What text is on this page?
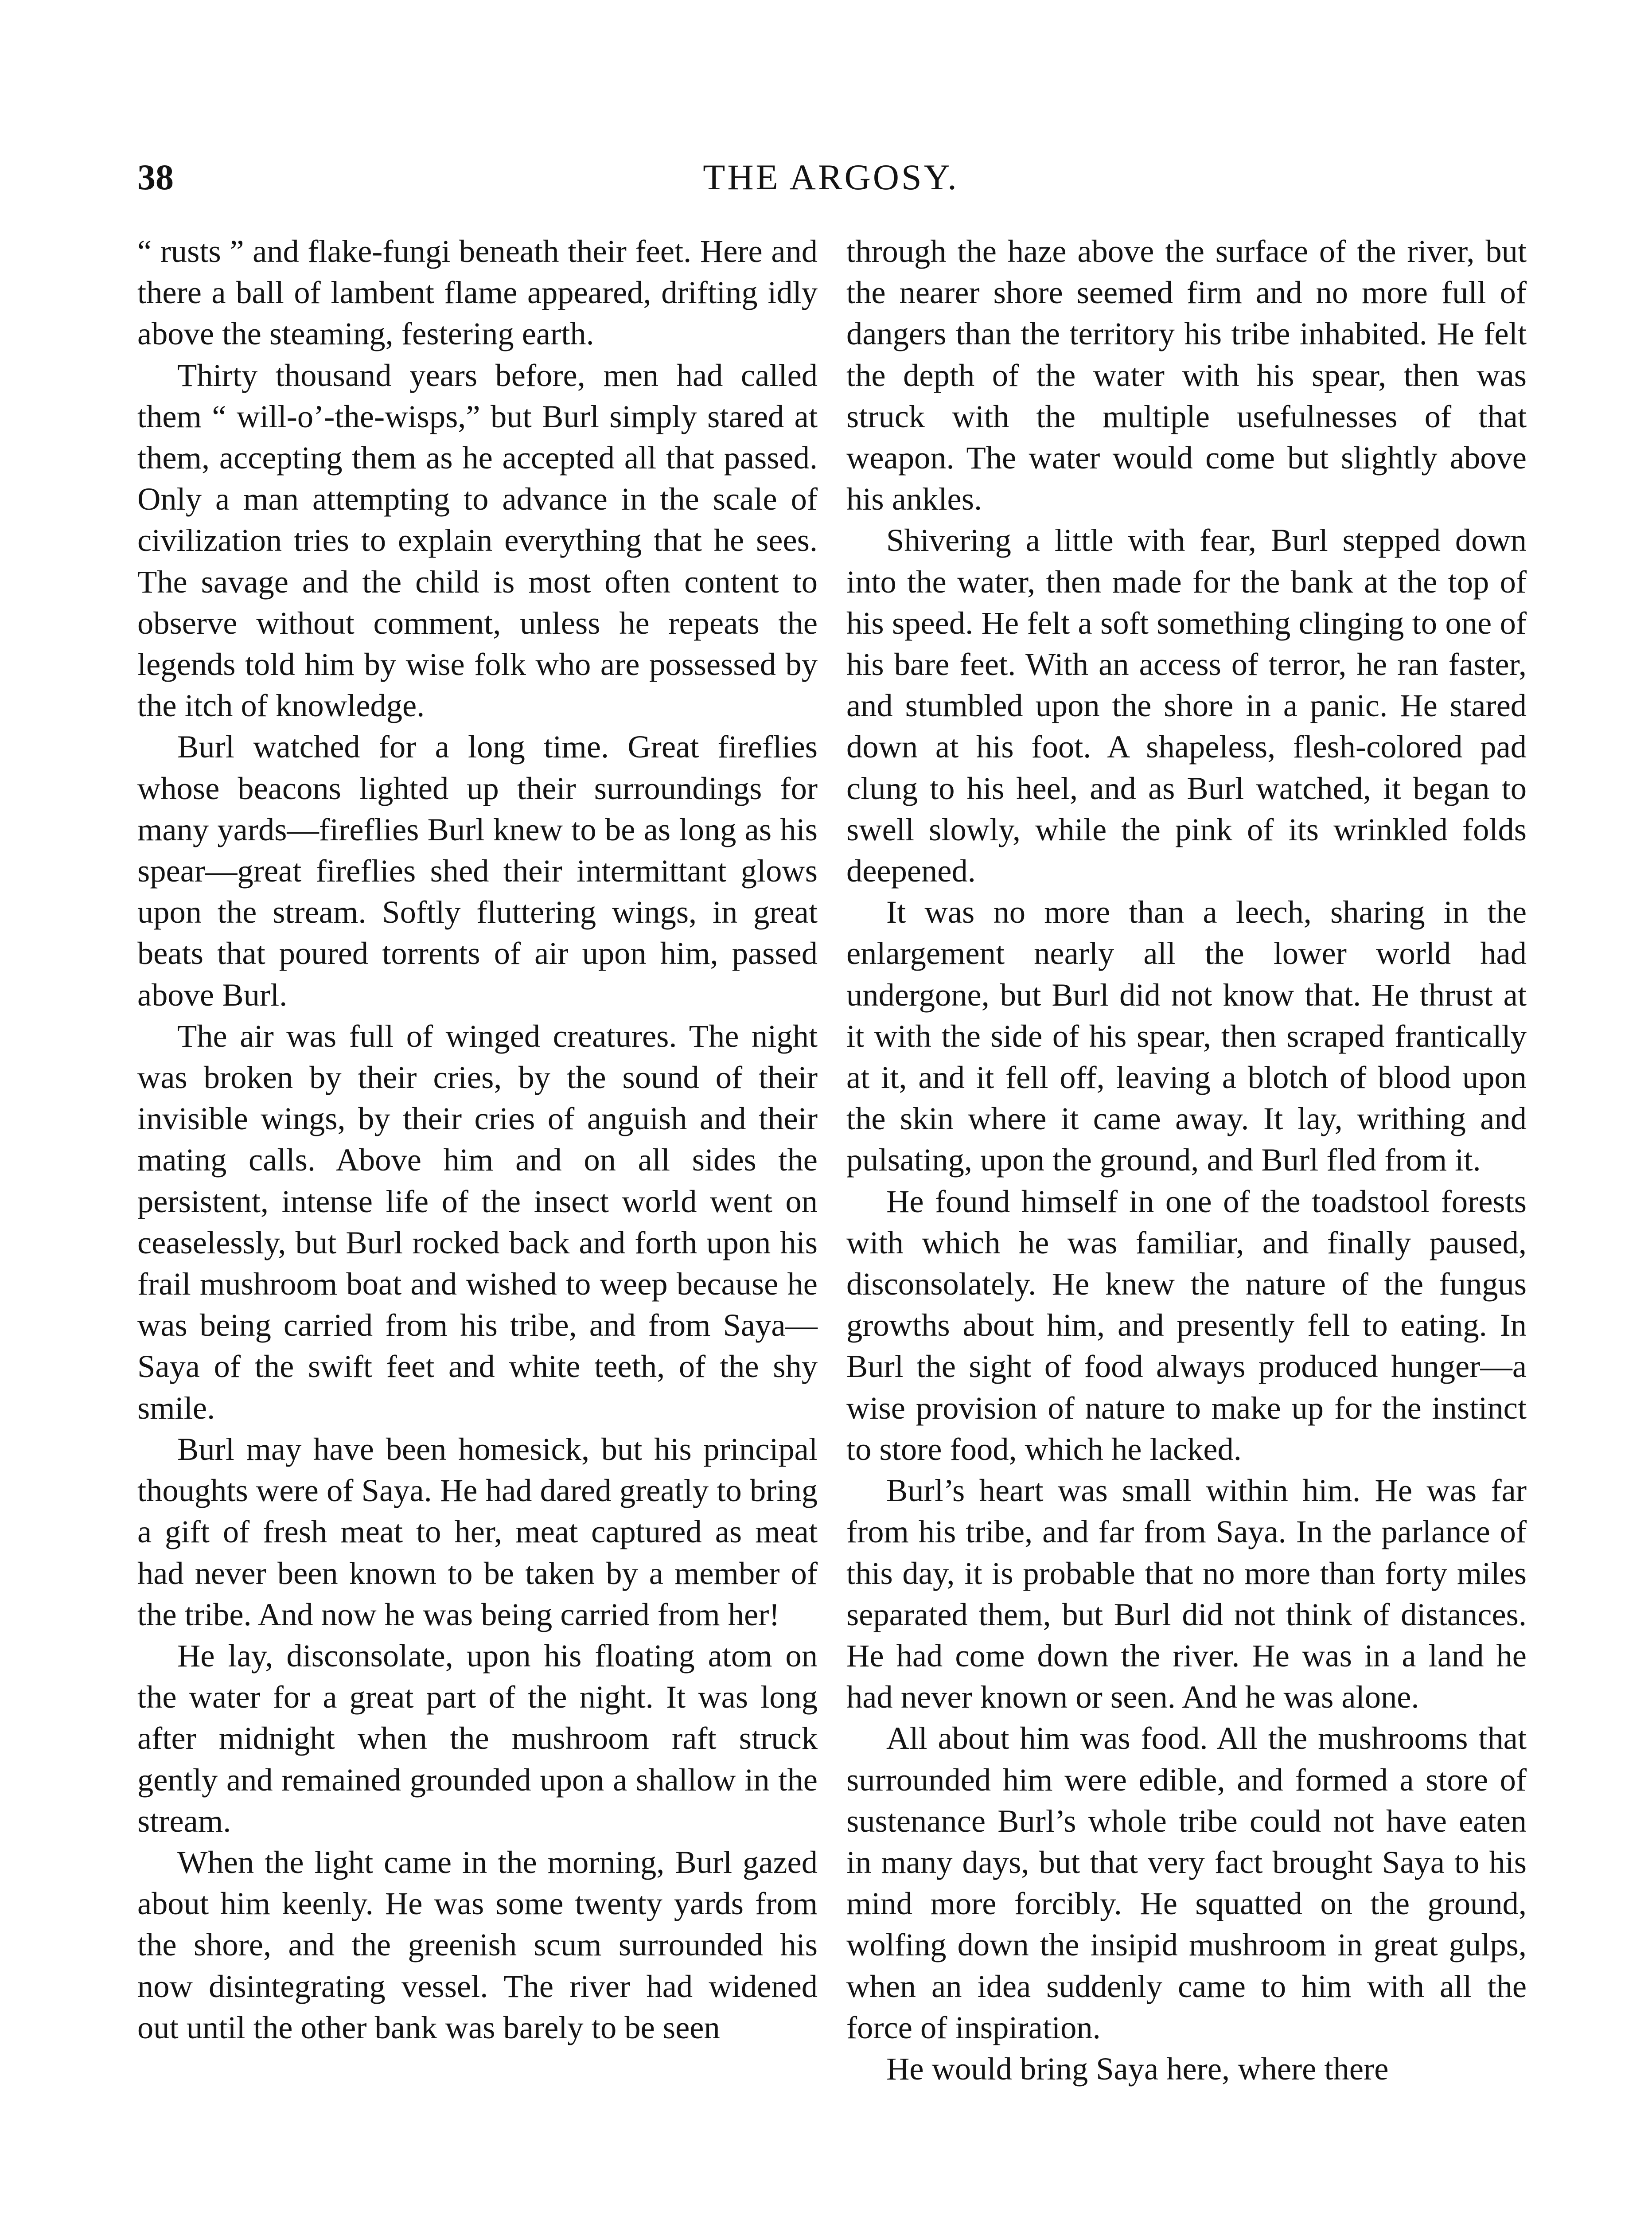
38	THE ARGOSY.

“ rusts ” and flake-fungi beneath their feet. Here and there a ball of lambent flame appeared, drifting idly above the steaming, festering earth.

Thirty thousand years before, men had called them “ will-o’-the-wisps,” but Burl simply stared at them, accepting them as he accepted all that passed. Only a man attempting to advance in the scale of civilization tries to explain everything that he sees. The savage and the child is most often content to observe without comment, unless he repeats the legends told him by wise folk who are possessed by the itch of knowledge.

Burl watched for a long time. Great fireflies whose beacons lighted up their surroundings for many yards—fireflies Burl knew to be as long as his spear—great fireflies shed their intermittant glows upon the stream. Softly fluttering wings, in great beats that poured torrents of air upon him, passed above Burl.

The air was full of winged creatures. The night was broken by their cries, by the sound of their invisible wings, by their cries of anguish and their mating calls. Above him and on all sides the persistent, intense life of the insect world went on ceaselessly, but Burl rocked back and forth upon his frail mushroom boat and wished to weep because he was being carried from his tribe, and from Saya—Saya of the swift feet and white teeth, of the shy smile.

Burl may have been homesick, but his principal thoughts were of Saya. He had dared greatly to bring a gift of fresh meat to her, meat captured as meat had never been known to be taken by a member of the tribe. And now he was being carried from her!

He lay, disconsolate, upon his floating atom on the water for a great part of the night. It was long after midnight when the mushroom raft struck gently and remained grounded upon a shallow in the stream.

When the light came in the morning, Burl gazed about him keenly. He was some twenty yards from the shore, and the greenish scum surrounded his now disintegrating vessel. The river had widened out until the other bank was barely to be seen

through the haze above the surface of the river, but the nearer shore seemed firm and no more full of dangers than the territory his tribe inhabited. He felt the depth of the water with his spear, then was struck with the multiple usefulnesses of that weapon. The water would come but slightly above his ankles.

Shivering a little with fear, Burl stepped down into the water, then made for the bank at the top of his speed. He felt a soft something clinging to one of his bare feet. With an access of terror, he ran faster, and stumbled upon the shore in a panic. He stared down at his foot. A shapeless, flesh-colored pad clung to his heel, and as Burl watched, it began to swell slowly, while the pink of its wrinkled folds deepened.

It was no more than a leech, sharing in the enlargement nearly all the lower world had undergone, but Burl did not know that. He thrust at it with the side of his spear, then scraped frantically at it, and it fell off, leaving a blotch of blood upon the skin where it came away. It lay, writhing and pulsating, upon the ground, and Burl fled from it.

He found himself in one of the toadstool forests with which he was familiar, and finally paused, disconsolately. He knew the nature of the fungus growths about him, and presently fell to eating. In Burl the sight of food always produced hunger—a wise provision of nature to make up for the instinct to store food, which he lacked.

Burl’s heart was small within him. He was far from his tribe, and far from Saya. In the parlance of this day, it is probable that no more than forty miles separated them, but Burl did not think of distances. He had come down the river. He was in a land he had never known or seen. And he was alone.

All about him was food. All the mushrooms that surrounded him were edible, and formed a store of sustenance Burl’s whole tribe could not have eaten in many days, but that very fact brought Saya to his mind more forcibly. He squatted on the ground, wolfing down the insipid mushroom in great gulps, when an idea suddenly came to him with all the force of inspiration.

He would bring Saya here, where there
